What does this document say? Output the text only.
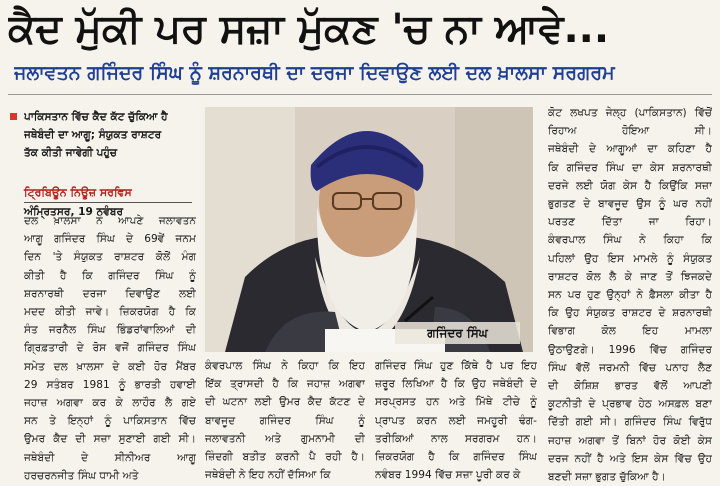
ਕੈਦ ਮੁੱਕੀ ਪਰ ਸਜ਼ਾ ਮੁੱਕਣ 'ਚ ਨਾ ਆਵੇ...
ਜਲਾਵਤਨ ਗਜਿੰਦਰ ਸਿੰਘ ਨੂੰ ਸ਼ਰਨਾਰਥੀ ਦਾ ਦਰਜਾ ਦਿਵਾਉਣ ਲਈ ਦਲ ਖ਼ਾਲਸਾ ਸਰਗਰਮ
ਪਾਕਿਸਤਾਨ ਵਿੱਚ ਕੈਦ ਕੱਟ ਚੁੱਕਿਆ ਹੈ
ਜਥੇਬੰਦੀ ਦਾ ਆਗੂ; ਸੰਯੁਕਤ ਰਾਸ਼ਟਰ
ਤੱਕ ਕੀਤੀ ਜਾਵੇਗੀ ਪਹੁੰਚ
ਟ੍ਰਿਬਿਊਨ ਨਿਊਜ਼ ਸਰਵਿਸ
ਅੰਮ੍ਰਿਤਸਰ, 19 ਨਵੰਬਰ
ਦਲ ਖ਼ਾਲਸਾ ਨੇ ਆਪਣੇ ਜਲਾਵਤਨ
ਆਗੂ ਗਜਿੰਦਰ ਸਿੰਘ ਦੇ 69ਵੇਂ ਜਨਮ
ਦਿਨ 'ਤੇ ਸੰਯੁਕਤ ਰਾਸ਼ਟਰ ਕੋਲੋਂ ਮੰਗ
ਕੀਤੀ ਹੈ ਕਿ ਗਜਿੰਦਰ ਸਿੰਘ ਨੂੰ
ਸ਼ਰਨਾਰਥੀ ਦਰਜਾ ਦਿਵਾਉਣ ਲਈ
ਮਦਦ ਕੀਤੀ ਜਾਵੇ। ਜ਼ਿਕਰਯੋਗ ਹੈ ਕਿ
ਸੰਤ ਜਰਨੈਲ ਸਿੰਘ ਭਿੰਡਰਾਂਵਾਲਿਆਂ ਦੀ
ਗ੍ਰਿਫ਼ਤਾਰੀ ਦੇ ਰੋਸ ਵਜੋਂ ਗਜਿੰਦਰ ਸਿੰਘ
ਸਮੇਤ ਦਲ ਖ਼ਾਲਸਾ ਦੇ ਕਈ ਹੋਰ ਮੈਂਬਰ
29 ਸਤੰਬਰ 1981 ਨੂੰ ਭਾਰਤੀ ਹਵਾਈ
ਜਹਾਜ਼ ਅਗਵਾ ਕਰ ਕੇ ਲਾਹੌਰ ਲੈ ਗਏ
ਸਨ ਤੇ ਇਨ੍ਹਾਂ ਨੂੰ ਪਾਕਿਸਤਾਨ ਵਿੱਚ
ਉਮਰ ਕੈਦ ਦੀ ਸਜ਼ਾ ਸੁਣਾਈ ਗਈ ਸੀ।
ਜਥੇਬੰਦੀ ਦੇ ਸੀਨੀਅਰ ਆਗੂ
ਹਰਚਰਨਜੀਤ ਸਿੰਘ ਧਾਮੀ ਅਤੇ
ਗਜਿੰਦਰ ਸਿੰਘ
ਕੰਵਰਪਾਲ ਸਿੰਘ ਨੇ ਕਿਹਾ ਕਿ ਇਹ
ਇੱਕ ਤ੍ਰਾਸਦੀ ਹੈ ਕਿ ਜਹਾਜ਼ ਅਗਵਾ
ਦੀ ਘਟਨਾ ਲਈ ਉਮਰ ਕੈਦ ਕੱਟਣ ਦੇ
ਬਾਵਜੂਦ ਗਜਿੰਦਰ ਸਿੰਘ ਨੂੰ
ਜਲਾਵਤਨੀ ਅਤੇ ਗੁਮਨਾਮੀ ਦੀ
ਜ਼ਿੰਦਗੀ ਬਤੀਤ ਕਰਨੀ ਪੈ ਰਹੀ ਹੈ।
ਜਥੇਬੰਦੀ ਨੇ ਇਹ ਨਹੀਂ ਦੱਸਿਆ ਕਿ
ਗਜਿੰਦਰ ਸਿੰਘ ਹੁਣ ਕਿੱਥੇ ਹੈ ਪਰ ਇਹ
ਜ਼ਰੂਰ ਲਿਖਿਆ ਹੈ ਕਿ ਉਹ ਜਥੇਬੰਦੀ ਦੇ
ਸਰਪ੍ਰਸਤ ਹਨ ਅਤੇ ਮਿੱਥੇ ਟੀਚੇ ਨੂੰ
ਪ੍ਰਾਪਤ ਕਰਨ ਲਈ ਜਮਹੂਰੀ ਢੰਗ-
ਤਰੀਕਿਆਂ ਨਾਲ ਸਰਗਰਮ ਹਨ।
ਜ਼ਿਕਰਯੋਗ ਹੈ ਕਿ ਗਜਿੰਦਰ ਸਿੰਘ
ਨਵੰਬਰ 1994 ਵਿੱਚ ਸਜ਼ਾ ਪੂਰੀ ਕਰ ਕੇ
ਕੋਟ ਲਖਪਤ ਜੇਲ੍ਹ (ਪਾਕਿਸਤਾਨ) ਵਿੱਚੋਂ
ਰਿਹਾਅ ਹੋਇਆ ਸੀ।
ਜਥੇਬੰਦੀ ਦੇ ਆਗੂਆਂ ਦਾ ਕਹਿਣਾ ਹੈ
ਕਿ ਗਜਿੰਦਰ ਸਿੰਘ ਦਾ ਕੇਸ ਸ਼ਰਨਾਰਥੀ
ਦਰਜੇ ਲਈ ਯੋਗ ਕੇਸ ਹੈ ਕਿਉਂਕਿ ਸਜ਼ਾ
ਭੁਗਤਣ ਦੇ ਬਾਵਜੂਦ ਉਸ ਨੂੰ ਘਰ ਨਹੀਂ
ਪਰਤਣ ਦਿੱਤਾ ਜਾ ਰਿਹਾ।
ਕੰਵਰਪਾਲ ਸਿੰਘ ਨੇ ਕਿਹਾ ਕਿ
ਪਹਿਲਾਂ ਉਹ ਇਸ ਮਾਮਲੇ ਨੂੰ ਸੰਯੁਕਤ
ਰਾਸ਼ਟਰ ਕੋਲ ਲੈ ਕੇ ਜਾਣ ਤੋਂ ਝਿਜਕਦੇ
ਸਨ ਪਰ ਹੁਣ ਉਨ੍ਹਾਂ ਨੇ ਫ਼ੈਸਲਾ ਕੀਤਾ ਹੈ
ਕਿ ਉਹ ਸੰਯੁਕਤ ਰਾਸ਼ਟਰ ਦੇ ਸ਼ਰਨਾਰਥੀ
ਵਿਭਾਗ ਕੋਲ ਇਹ ਮਾਮਲਾ
ਉਠਾਉਣਗੇ। 1996 ਵਿੱਚ ਗਜਿੰਦਰ
ਸਿੰਘ ਵੱਲੋਂ ਜਰਮਨੀ ਵਿੱਚ ਪਨਾਹ ਲੈਣ
ਦੀ ਕੋਸ਼ਿਸ਼ ਭਾਰਤ ਵੱਲੋਂ ਆਪਣੀ
ਕੂਟਨੀਤੀ ਦੇ ਪ੍ਰਭਾਵ ਹੇਠ ਅਸਫ਼ਲ ਬਣਾ
ਦਿੱਤੀ ਗਈ ਸੀ। ਗਜਿੰਦਰ ਸਿੰਘ ਵਿਰੁੱਧ
ਜਹਾਜ਼ ਅਗਵਾ ਤੋਂ ਬਿਨਾਂ ਹੋਰ ਕੋਈ ਕੇਸ
ਦਰਜ ਨਹੀਂ ਹੈ ਅਤੇ ਇਸ ਕੇਸ ਵਿੱਚ ਉਹ
ਬਣਦੀ ਸਜ਼ਾ ਭੁਗਤ ਚੁੱਕਿਆ ਹੈ।
